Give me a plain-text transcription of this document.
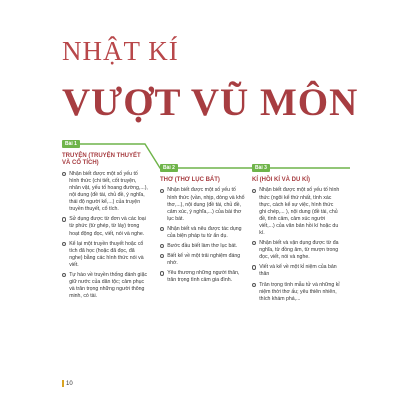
NHẬT KÍ
VƯỢT VŨ MÔN
Bài 1
Bài 2	Bài 3

TRUYỆN (TRUYỆN THUYẾT VÀ CỔ TÍCH)

Nhận biết được một số yếu tố hình thức (chi tiết, cốt truyện, nhân vật, yếu tố hoang đường,...), nội dung (đề tài, chủ đề, ý nghĩa, thái độ người kể,...) của truyện truyền thuyết, cổ tích.
Sử dụng được từ đơn và các loại từ phức (từ ghép, từ láy) trong hoạt động đọc, viết, nói và nghe.
Kể lại một truyền thuyết hoặc cổ tích đã học (hoặc đã đọc, đã nghe) bằng các hình thức nói và viết.
Tự hào về truyền thống đánh giặc giữ nước của dân tộc; cảm phục và trân trọng những người thông minh, có tài.

THƠ (THƠ LỤC BÁT)

Nhận biết được một số yếu tố hình thức (vần, nhịp, dòng và khổ thơ,...), nội dung (đề tài, chủ đề, cảm xúc, ý nghĩa,...) của bài thơ lục bát.
Nhận biết và nêu được tác dụng của biện pháp tu từ ẩn dụ.
Bước đầu biết làm thơ lục bát.
Biết kể về một trải nghiệm đáng nhớ.
Yêu thương những người thân, trân trọng tình cảm gia đình.

KÍ (HỒI KÍ VÀ DU KÍ)

Nhận biết được một số yếu tố hình thức (ngôi kể thứ nhất, tính xác thực, cách kể sự việc, hình thức ghi chép,... ), nội dung (đề tài, chủ đề, tình cảm, cảm xúc người viết,...) của văn bản hồi kí hoặc du kí.
Nhận biết và vận dụng được từ đa nghĩa, từ đồng âm, từ mượn trong đọc, viết, nói và nghe.
Viết và kể về một kỉ niệm của bản thân
Trân trọng tình mẫu tử và những kỉ niệm thời thơ ấu; yêu thiên nhiên, thích khám phá,...
10
